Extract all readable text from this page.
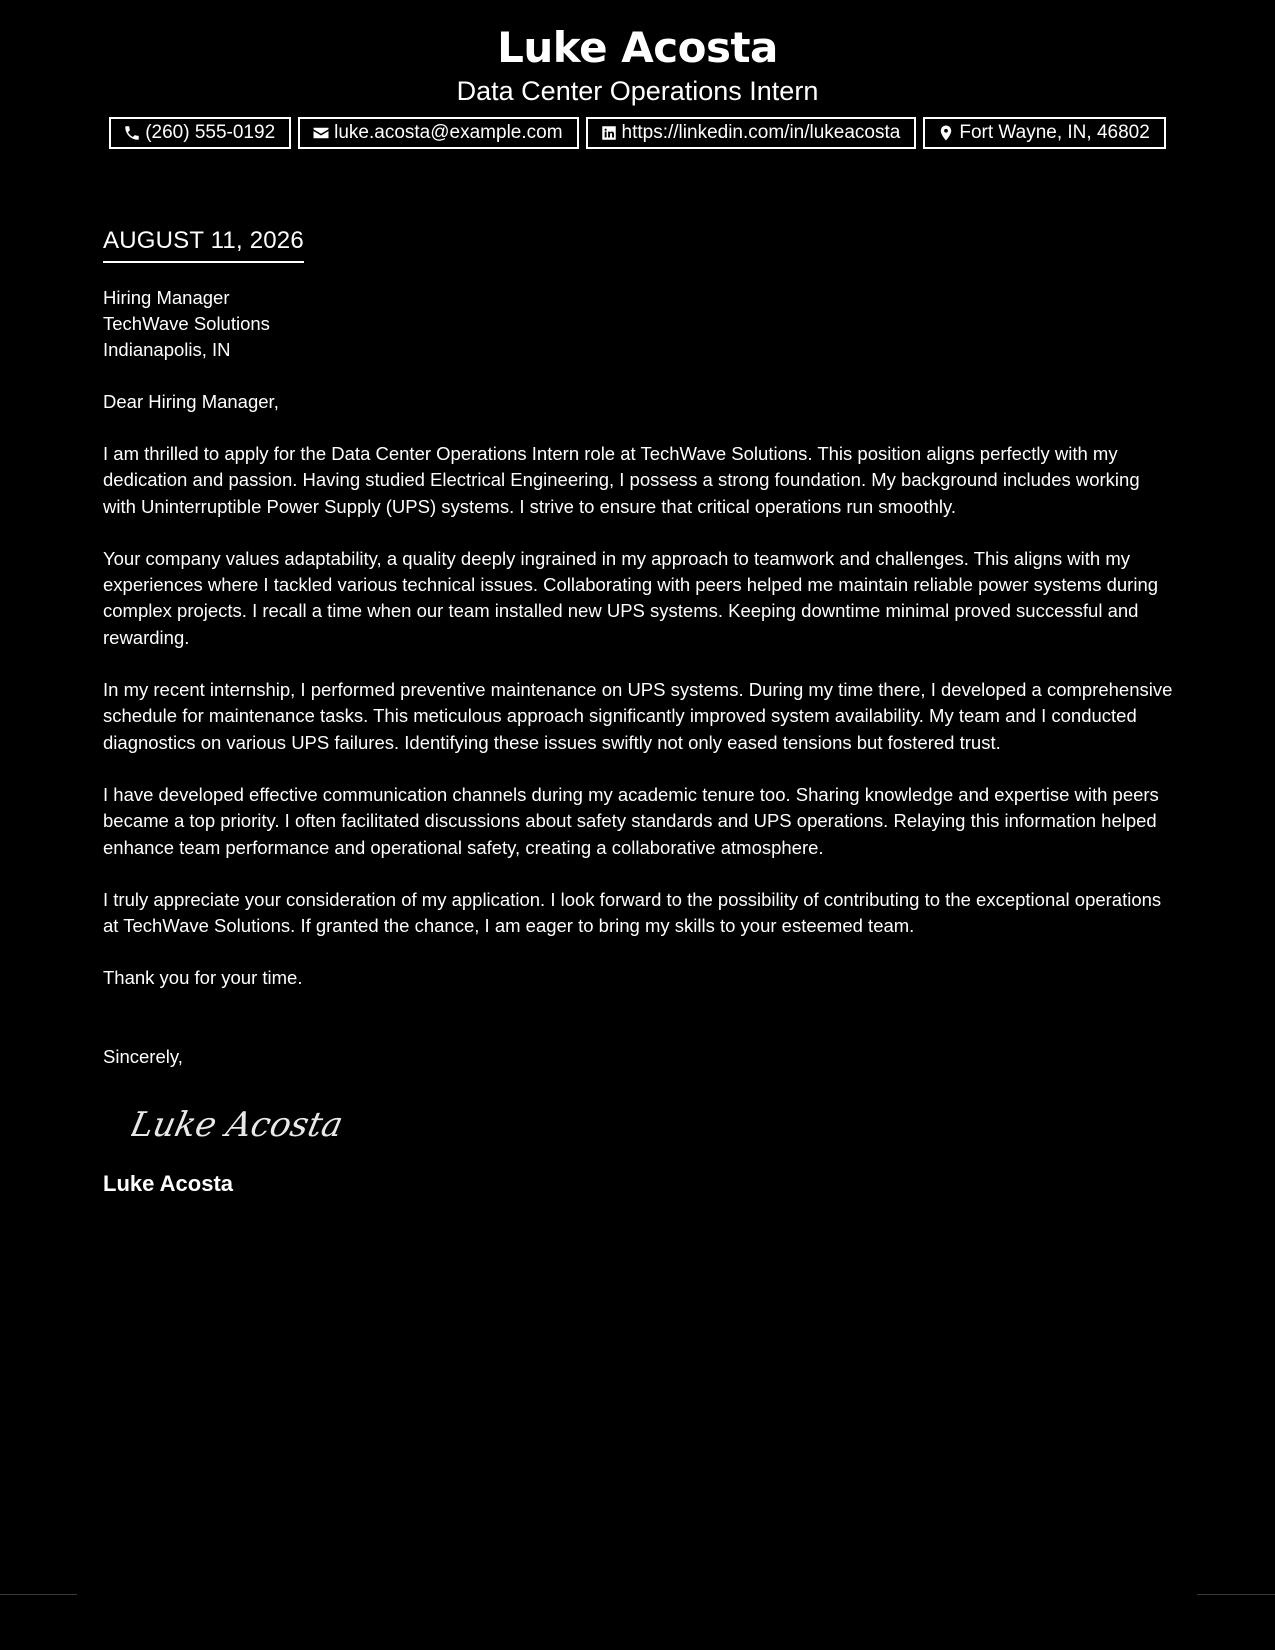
Luke Acosta
Data Center Operations Intern
(260) 555-0192	luke.acosta@example.com	https://linkedin.com/in/lukeacosta	Fort Wayne, IN, 46802
AUGUST 11, 2026
Hiring Manager
TechWave Solutions
Indianapolis, IN
Dear Hiring Manager,

I am thrilled to apply for the Data Center Operations Intern role at TechWave Solutions. This position aligns perfectly with my dedication and passion. Having studied Electrical Engineering, I possess a strong foundation. My background includes working with Uninterruptible Power Supply (UPS) systems. I strive to ensure that critical operations run smoothly.

Your company values adaptability, a quality deeply ingrained in my approach to teamwork and challenges. This aligns with my experiences where I tackled various technical issues. Collaborating with peers helped me maintain reliable power systems during complex projects. I recall a time when our team installed new UPS systems. Keeping downtime minimal proved successful and rewarding.

In my recent internship, I performed preventive maintenance on UPS systems. During my time there, I developed a comprehensive schedule for maintenance tasks. This meticulous approach significantly improved system availability. My team and I conducted diagnostics on various UPS failures. Identifying these issues swiftly not only eased tensions but fostered trust.

I have developed effective communication channels during my academic tenure too. Sharing knowledge and expertise with peers became a top priority. I often facilitated discussions about safety standards and UPS operations. Relaying this information helped enhance team performance and operational safety, creating a collaborative atmosphere.

I truly appreciate your consideration of my application. I look forward to the possibility of contributing to the exceptional operations at TechWave Solutions. If granted the chance, I am eager to bring my skills to your esteemed team.

Thank you for your time.

Sincerely,
Luke Acosta
Luke Acosta
